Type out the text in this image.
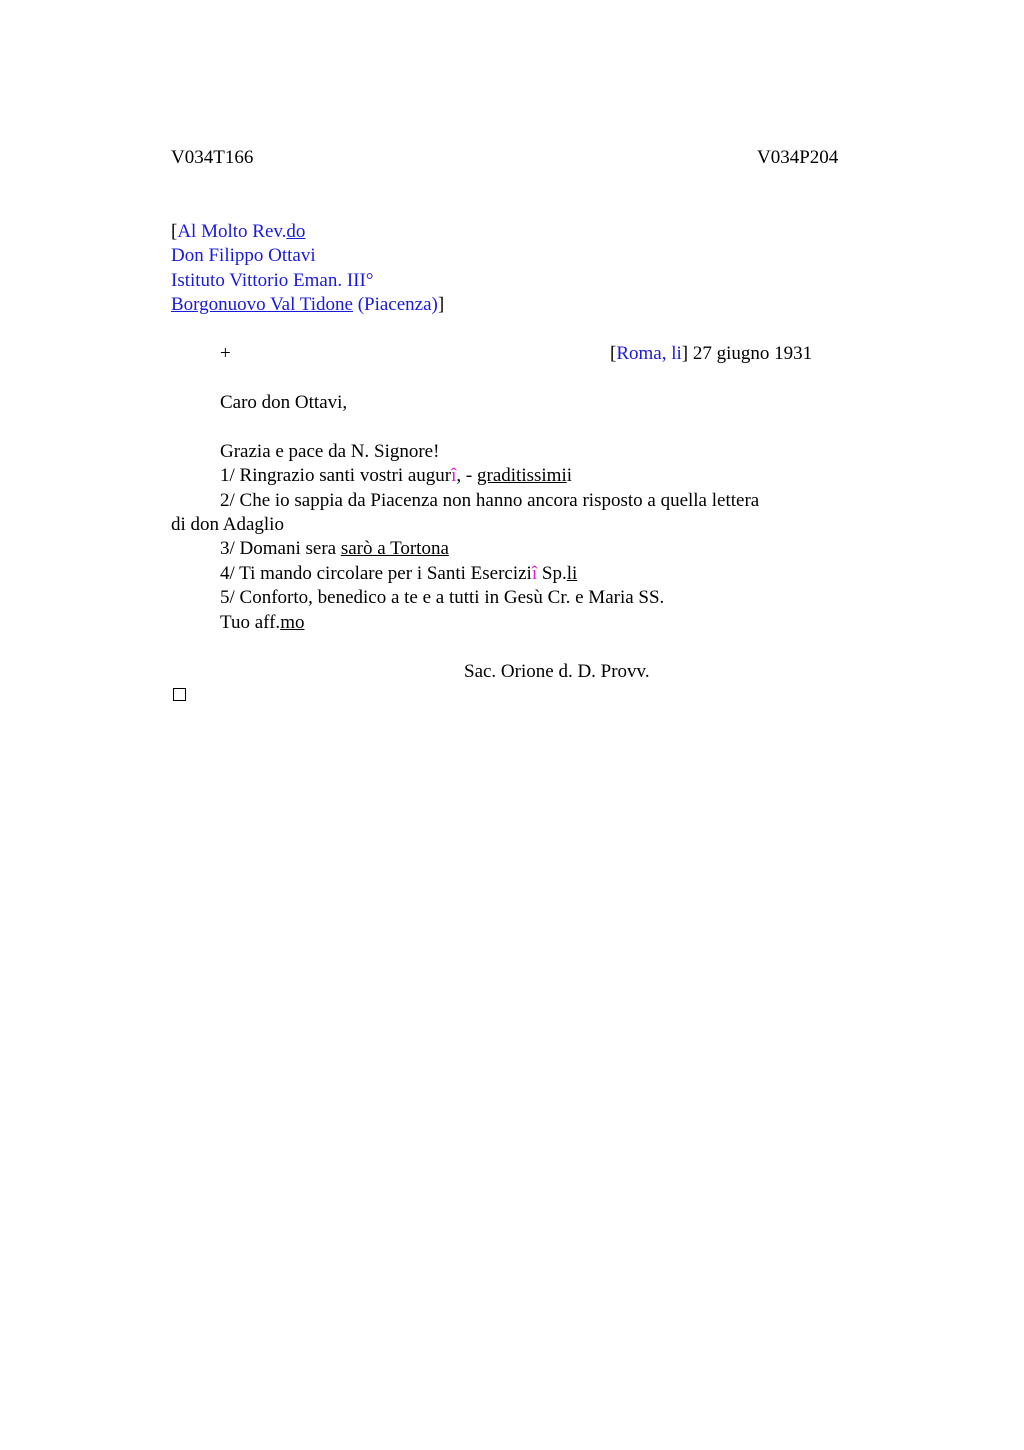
V034T166	V034P204
[Al Molto Rev.do
Don Filippo Ottavi
Istituto Vittorio Eman. III°
Borgonuovo Val Tidone (Piacenza)]
+	[Roma, li] 27 giugno 1931
Caro don Ottavi,
Grazia e pace da N. Signore!
1/ Ringrazio santi vostri augurî, - graditissimii
2/ Che io sappia da Piacenza non hanno ancora risposto a quella lettera
di don Adaglio
3/ Domani sera sarò a Tortona
4/ Ti mando circolare per i Santi Eserciziî Sp.li
5/ Conforto, benedico a te e a tutti in Gesù Cr. e Maria SS.
Tuo aff.mo
Sac. Orione d. D. Provv.
